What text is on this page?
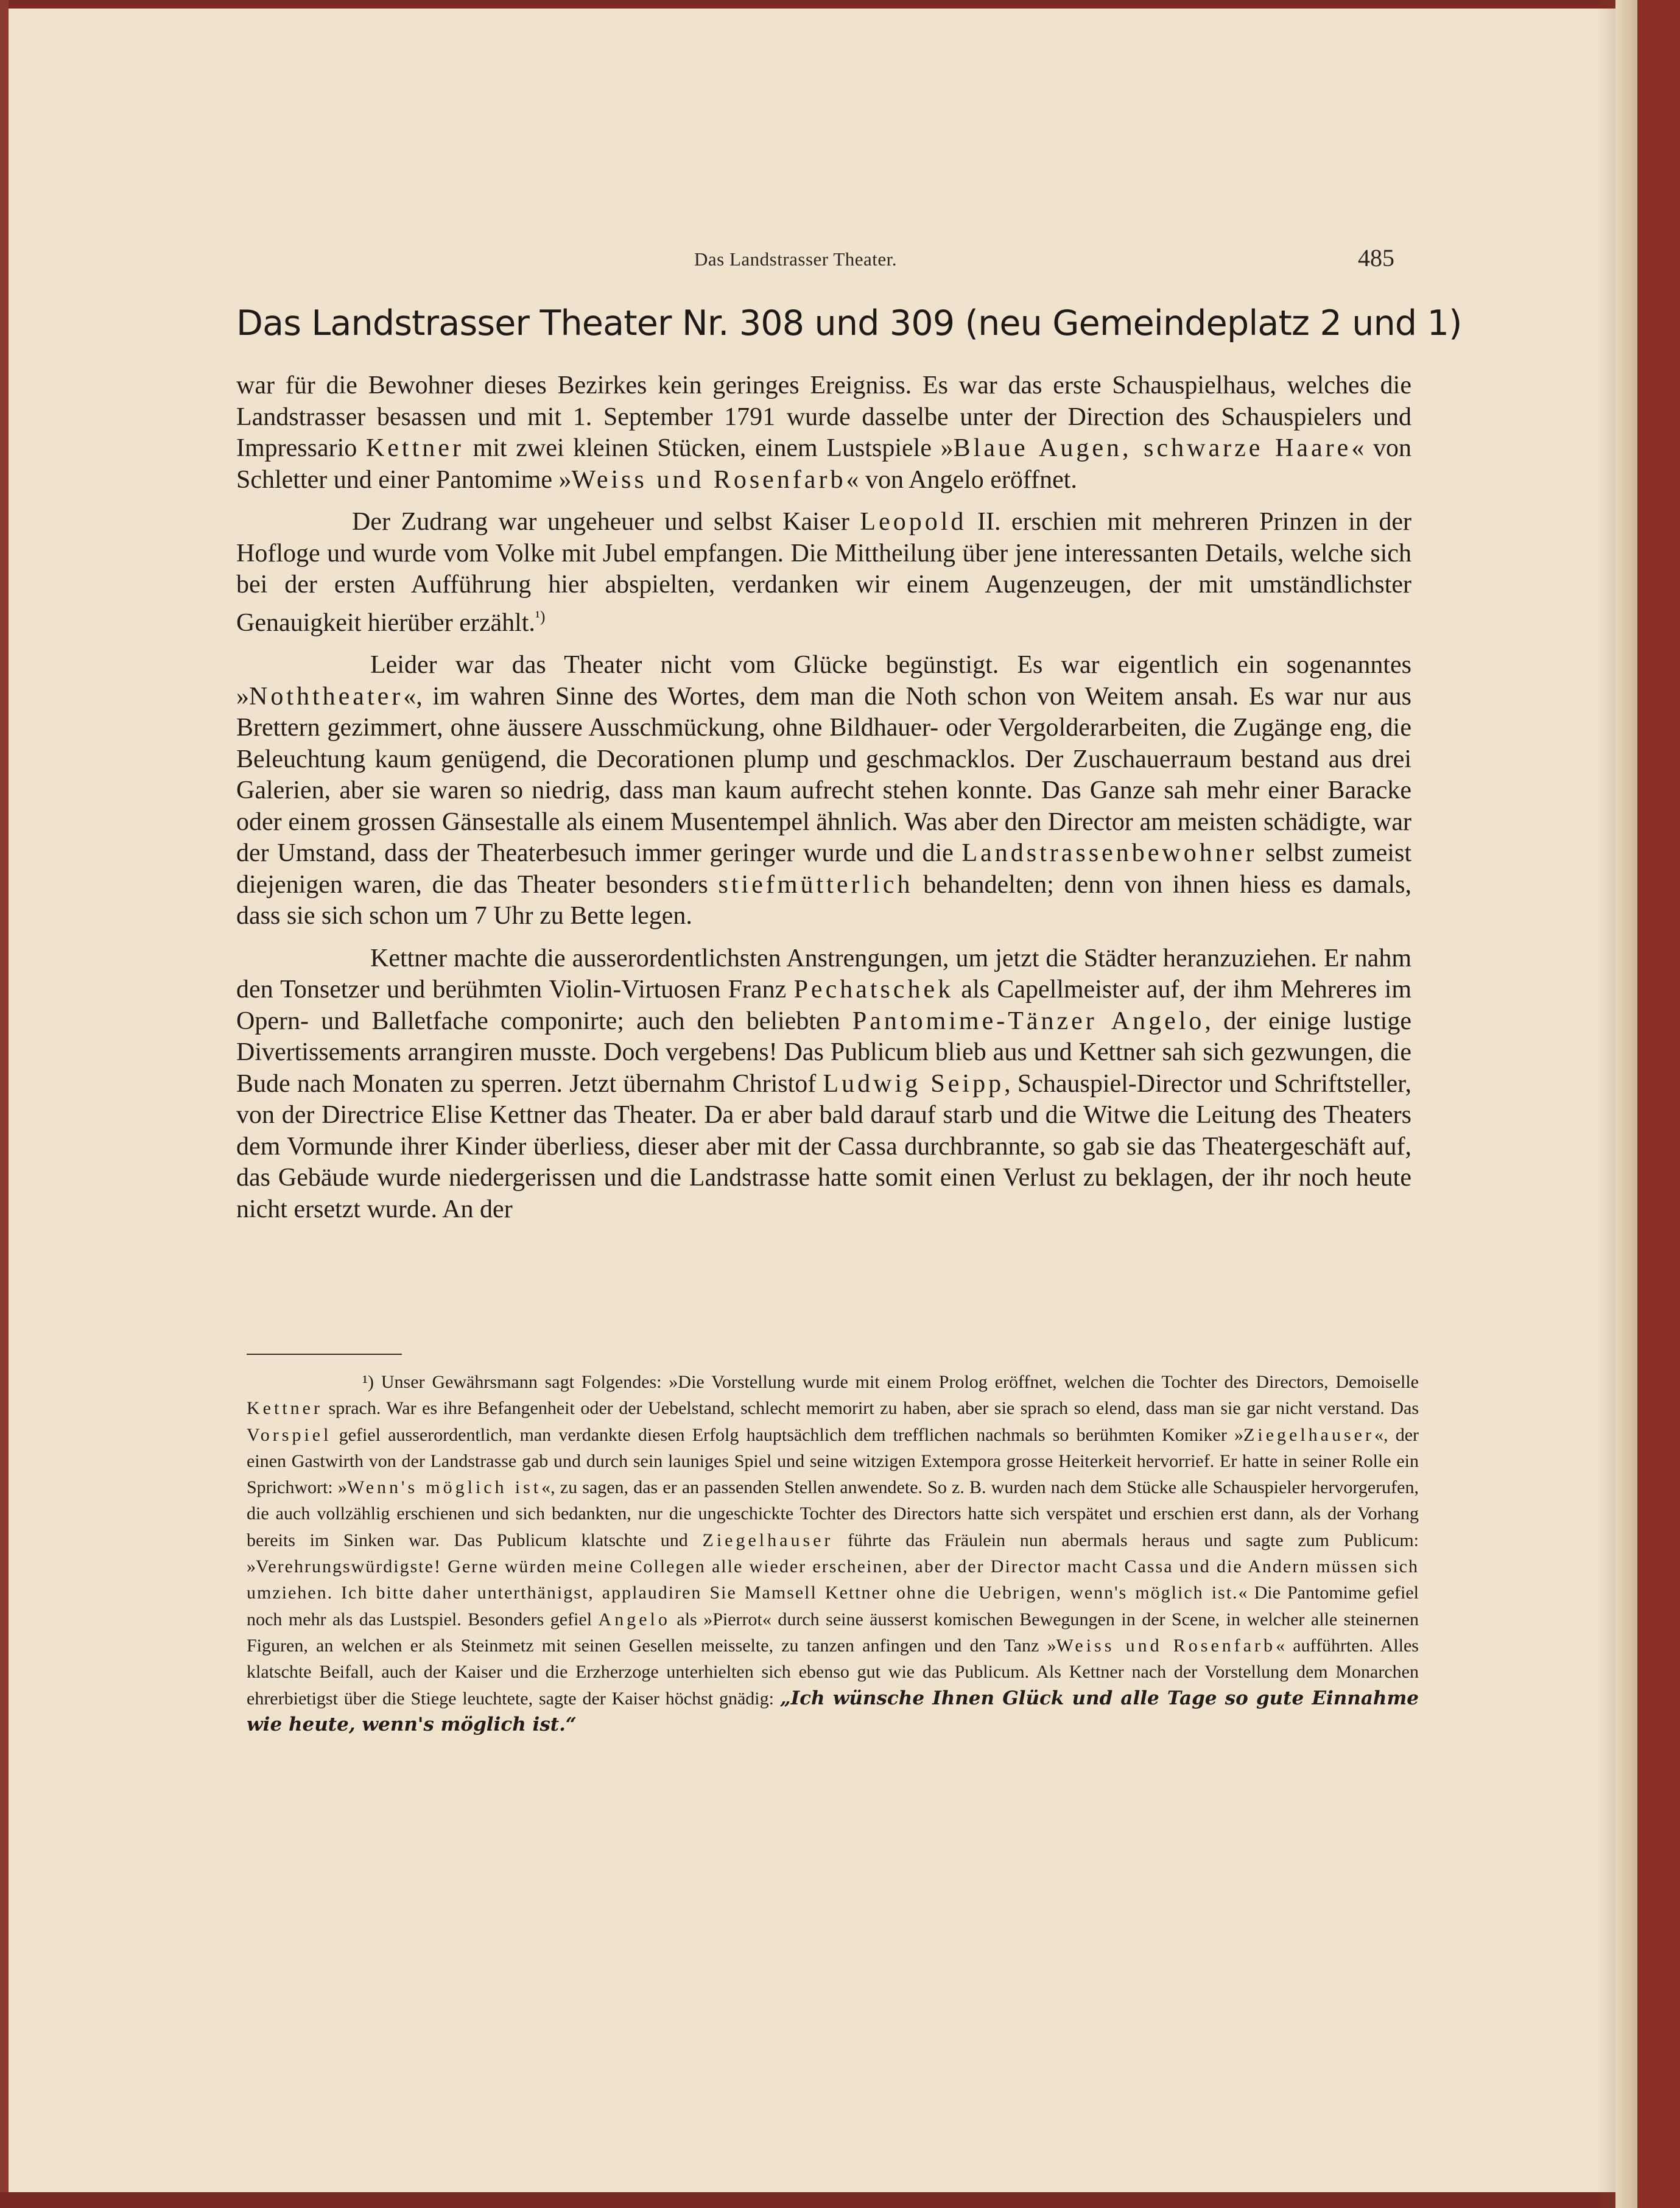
Das Landstrasser Theater.	485
Das Landstrasser Theater Nr. 308 und 309 (neu Gemeindeplatz 2 und 1)

war für die Bewohner dieses Bezirkes kein geringes Ereigniss. Es war das erste Schauspielhaus, welches die Landstrasser besassen und mit 1. September 1791 wurde dasselbe unter der Direction des Schauspielers und Impressario Kettner mit zwei kleinen Stücken, einem Lustspiele »Blaue Augen, schwarze Haare« von Schletter und einer Pantomime »Weiss und Rosenfarb« von Angelo eröffnet.

Der Zudrang war ungeheuer und selbst Kaiser Leopold II. erschien mit mehreren Prinzen in der Hofloge und wurde vom Volke mit Jubel empfangen. Die Mittheilung über jene interessanten Details, welche sich bei der ersten Aufführung hier abspielten, verdanken wir einem Augenzeugen, der mit umständlichster Genauigkeit hierüber erzählt.$^{^1)}$

Leider war das Theater nicht vom Glücke begünstigt. Es war eigentlich ein sogenanntes »Noththeater«, im wahren Sinne des Wortes, dem man die Noth schon von Weitem ansah. Es war nur aus Brettern gezimmert, ohne äussere Ausschmückung, ohne Bildhauer- oder Vergolderarbeiten, die Zugänge eng, die Beleuchtung kaum genügend, die Decorationen plump und geschmacklos. Der Zuschauerraum bestand aus drei Galerien, aber sie waren so niedrig, dass man kaum aufrecht stehen konnte. Das Ganze sah mehr einer Baracke oder einem grossen Gänsestalle als einem Musentempel ähnlich. Was aber den Director am meisten schädigte, war der Umstand, dass der Theaterbesuch immer geringer wurde und die Landstrassenbewohner selbst zumeist diejenigen waren, die das Theater besonders stiefmütterlich behandelten; denn von ihnen hiess es damals, dass sie sich schon um 7 Uhr zu Bette legen.

Kettner machte die ausserordentlichsten Anstrengungen, um jetzt die Städter heranzuziehen. Er nahm den Tonsetzer und berühmten Violin-Virtuosen Franz Pechatschek als Capellmeister auf, der ihm Mehreres im Opern- und Balletfache componirte; auch den beliebten Pantomime-Tänzer Angelo, der einige lustige Divertissements arrangiren musste. Doch vergebens! Das Publicum blieb aus und Kettner sah sich gezwungen, die Bude nach Monaten zu sperren. Jetzt übernahm Christof Ludwig Seipp, Schauspiel-Director und Schriftsteller, von der Directrice Elise Kettner das Theater. Da er aber bald darauf starb und die Witwe die Leitung des Theaters dem Vormunde ihrer Kinder überliess, dieser aber mit der Cassa durchbrannte, so gab sie das Theatergeschäft auf, das Gebäude wurde niedergerissen und die Landstrasse hatte somit einen Verlust zu beklagen, der ihr noch heute nicht ersetzt wurde. An der

¹) Unser Gewährsmann sagt Folgendes: »Die Vorstellung wurde mit einem Prolog eröffnet, welchen die Tochter des Directors, Demoiselle Kettner sprach. War es ihre Befangenheit oder der Uebelstand, schlecht memorirt zu haben, aber sie sprach so elend, dass man sie gar nicht verstand. Das Vorspiel gefiel ausserordentlich, man verdankte diesen Erfolg hauptsächlich dem trefflichen nachmals so berühmten Komiker »Ziegelhauser«, der einen Gastwirth von der Landstrasse gab und durch sein launiges Spiel und seine witzigen Extempora grosse Heiterkeit hervorrief. Er hatte in seiner Rolle ein Sprichwort: »Wenn's möglich ist«, zu sagen, das er an passenden Stellen anwendete. So z. B. wurden nach dem Stücke alle Schauspieler hervorgerufen, die auch vollzählig erschienen und sich bedankten, nur die ungeschickte Tochter des Directors hatte sich verspätet und erschien erst dann, als der Vorhang bereits im Sinken war. Das Publicum klatschte und Ziegelhauser führte das Fräulein nun abermals heraus und sagte zum Publicum: »Verehrungswürdigste! Gerne würden meine Collegen alle wieder erscheinen, aber der Director macht Cassa und die Andern müssen sich umziehen. Ich bitte daher unterthänigst, applaudiren Sie Mamsell Kettner ohne die Uebrigen, wenn's möglich ist.« Die Pantomime gefiel noch mehr als das Lustspiel. Besonders gefiel Angelo als »Pierrot« durch seine äusserst komischen Bewegungen in der Scene, in welcher alle steinernen Figuren, an welchen er als Steinmetz mit seinen Gesellen meisselte, zu tanzen anfingen und den Tanz »Weiss und Rosenfarb« aufführten. Alles klatschte Beifall, auch der Kaiser und die Erzherzoge unterhielten sich ebenso gut wie das Publicum. Als Kettner nach der Vorstellung dem Monarchen ehrerbietigst über die Stiege leuchtete, sagte der Kaiser höchst gnädig: „Ich wünsche Ihnen Glück und alle Tage so gute Einnahme wie heute, wenn's möglich ist.“
